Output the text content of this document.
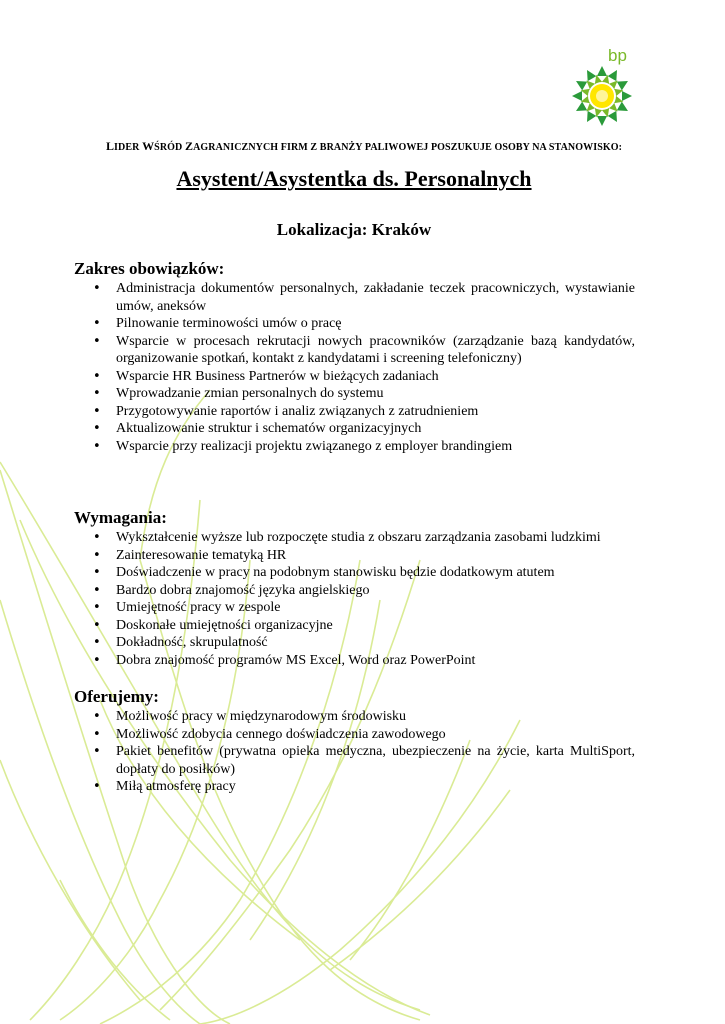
bp
LIDER WŚRÓD ZAGRANICZNYCH FIRM Z BRANŻY PALIWOWEJ POSZUKUJE OSOBY NA STANOWISKO:
Asystent/Asystentka ds. Personalnych
Lokalizacja: Kraków
Zakres obowiązków:
• Administracja dokumentów personalnych, zakładanie teczek pracowniczych, wystawianie umów, aneksów
• Pilnowanie terminowości umów o pracę
• Wsparcie w procesach rekrutacji nowych pracowników (zarządzanie bazą kandydatów, organizowanie spotkań, kontakt z kandydatami i screening telefoniczny)
• Wsparcie HR Business Partnerów w bieżących zadaniach
• Wprowadzanie zmian personalnych do systemu
• Przygotowywanie raportów i analiz związanych z zatrudnieniem
• Aktualizowanie struktur i schematów organizacyjnych
• Wsparcie przy realizacji projektu związanego z employer brandingiem
Wymagania:
• Wykształcenie wyższe lub rozpoczęte studia z obszaru zarządzania zasobami ludzkimi
• Zainteresowanie tematyką HR
• Doświadczenie w pracy na podobnym stanowisku będzie dodatkowym atutem
• Bardzo dobra znajomość języka angielskiego
• Umiejętność pracy w zespole
• Doskonałe umiejętności organizacyjne
• Dokładność, skrupulatność
• Dobra znajomość programów MS Excel, Word oraz PowerPoint
Oferujemy:
• Możliwość pracy w międzynarodowym środowisku
• Możliwość zdobycia cennego doświadczenia zawodowego
• Pakiet benefitów (prywatna opieka medyczna, ubezpieczenie na życie, karta MultiSport, dopłaty do posiłków)
• Miłą atmosferę pracy
